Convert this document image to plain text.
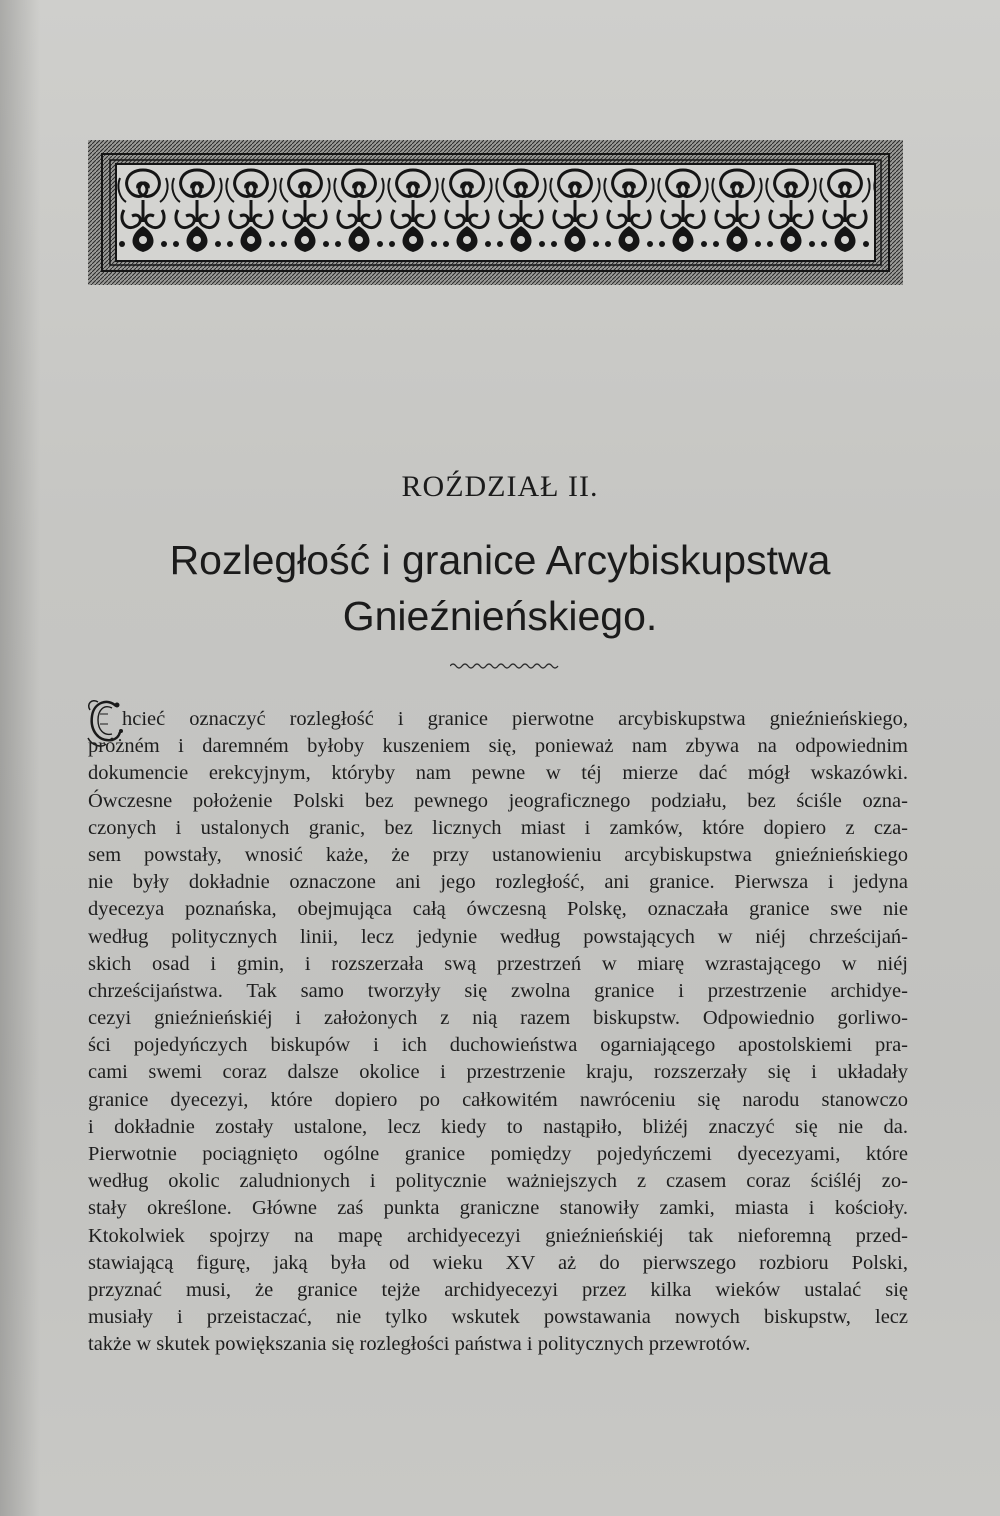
ROŹDZIAŁ II.
Rozległość i granice Arcybiskupstwa
Gnieźnieńskiego.
hcieć oznaczyć rozległość i granice pierwotne arcybiskupstwa gnieźnieńskiego,
próżném i daremném byłoby kuszeniem się, ponieważ nam zbywa na odpowiednim
dokumencie erekcyjnym, któryby nam pewne w téj mierze dać mógł wskazówki.
Ówczesne położenie Polski bez pewnego jeograficznego podziału, bez ściśle ozna-
czonych i ustalonych granic, bez licznych miast i zamków, które dopiero z cza-
sem powstały, wnosić każe, że przy ustanowieniu arcybiskupstwa gnieźnieńskiego
nie były dokładnie oznaczone ani jego rozległość, ani granice. Pierwsza i jedyna
dyecezya poznańska, obejmująca całą ówczesną Polskę, oznaczała granice swe nie
według politycznych linii, lecz jedynie według powstających w niéj chrześcijań-
skich osad i gmin, i rozszerzała swą przestrzeń w miarę wzrastającego w niéj
chrześcijaństwa. Tak samo tworzyły się zwolna granice i przestrzenie archidye-
cezyi gnieźnieńskiéj i założonych z nią razem biskupstw. Odpowiednio gorliwo-
ści pojedyńczych biskupów i ich duchowieństwa ogarniającego apostolskiemi pra-
cami swemi coraz dalsze okolice i przestrzenie kraju, rozszerzały się i układały
granice dyecezyi, które dopiero po całkowitém nawróceniu się narodu stanowczo
i dokładnie zostały ustalone, lecz kiedy to nastąpiło, bliżéj znaczyć się nie da.
Pierwotnie pociągnięto ogólne granice pomiędzy pojedyńczemi dyecezyami, które
według okolic zaludnionych i politycznie ważniejszych z czasem coraz ściśléj zo-
stały określone. Główne zaś punkta graniczne stanowiły zamki, miasta i kościoły.
Ktokolwiek spojrzy na mapę archidyecezyi gnieźnieńskiéj tak nieforemną przed-
stawiającą figurę, jaką była od wieku XV aż do pierwszego rozbioru Polski,
przyznać musi, że granice tejże archidyecezyi przez kilka wieków ustalać się
musiały i przeistaczać, nie tylko wskutek powstawania nowych biskupstw, lecz
także w skutek powiększania się rozległości państwa i politycznych przewrotów.
